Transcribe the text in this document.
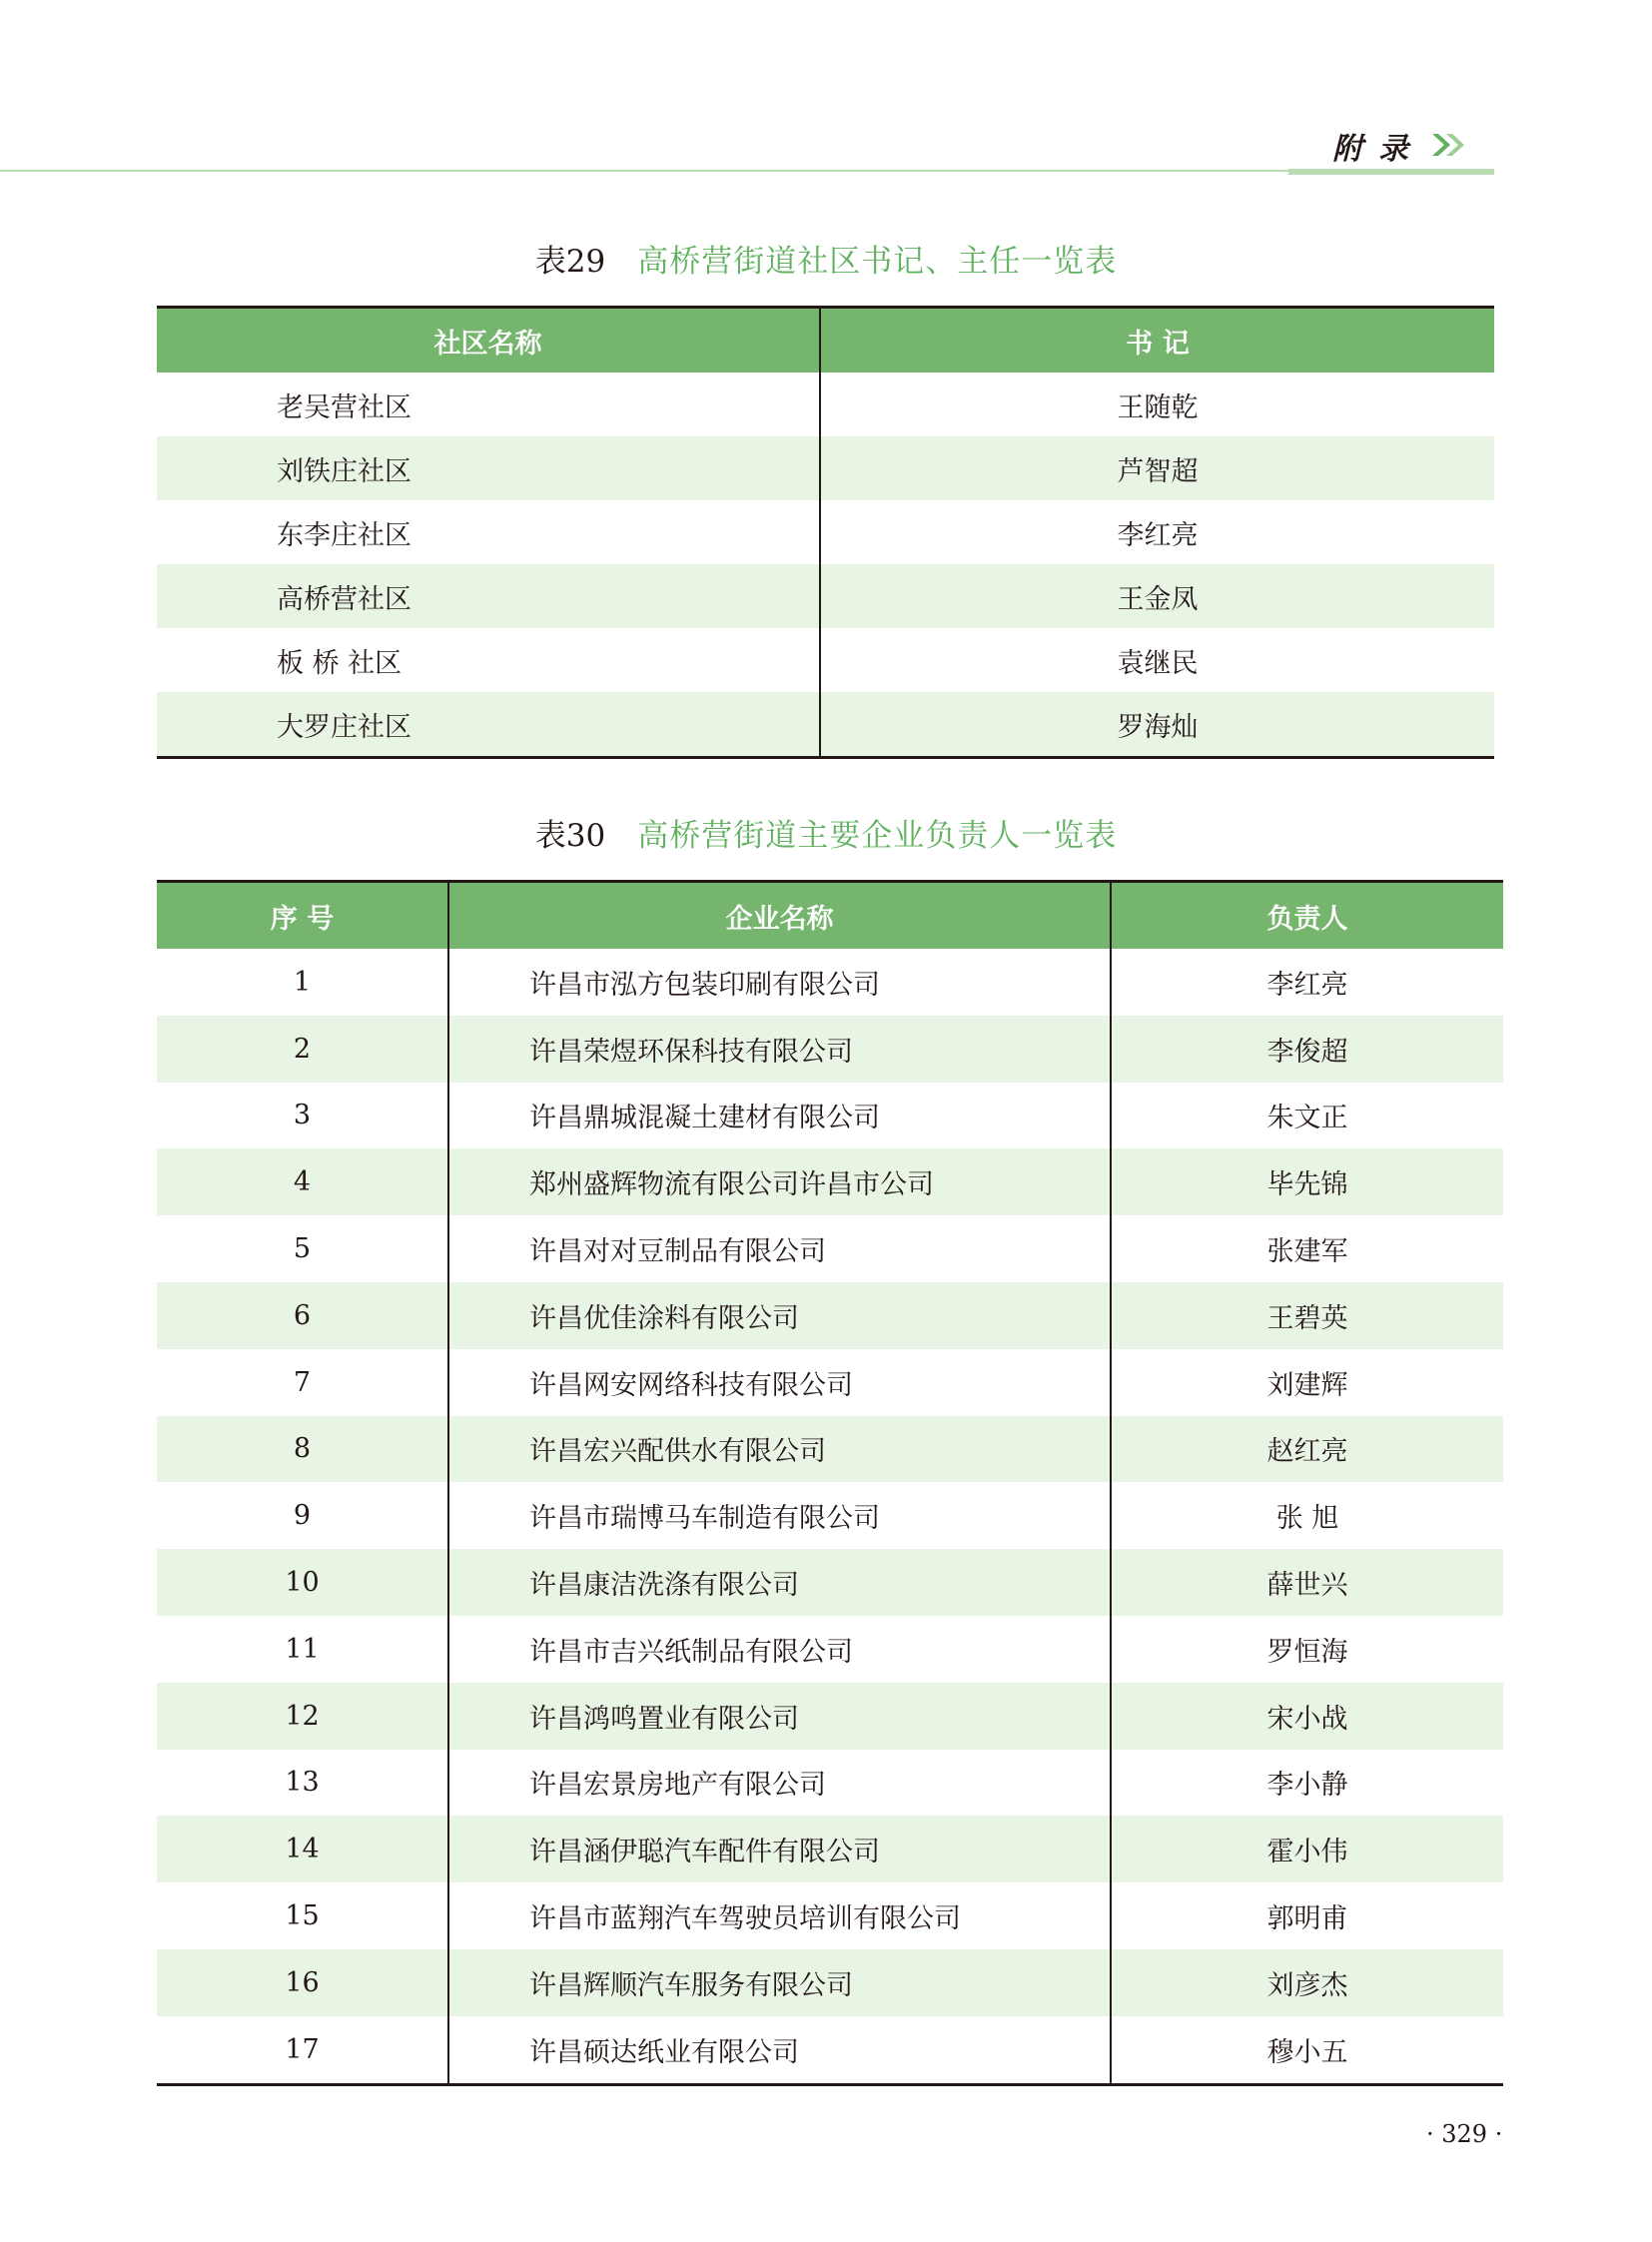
附录
表29 高桥营街道社区书记、主任一览表
社区名称	书 记
老吴营社区	王随乾
刘铁庄社区	芦智超
东李庄社区	李红亮
高桥营社区	王金凤
板 桥 社区	袁继民
大罗庄社区	罗海灿
表30 高桥营街道主要企业负责人一览表
序 号	企业名称	负责人
1	许昌市泓方包装印刷有限公司	李红亮
2	许昌荣煜环保科技有限公司	李俊超
3	许昌鼎城混凝土建材有限公司	朱文正
4	郑州盛辉物流有限公司许昌市公司	毕先锦
5	许昌对对豆制品有限公司	张建军
6	许昌优佳涂料有限公司	王碧英
7	许昌网安网络科技有限公司	刘建辉
8	许昌宏兴配供水有限公司	赵红亮
9	许昌市瑞博马车制造有限公司	张 旭
10	许昌康洁洗涤有限公司	薛世兴
11	许昌市吉兴纸制品有限公司	罗恒海
12	许昌鸿鸣置业有限公司	宋小战
13	许昌宏景房地产有限公司	李小静
14	许昌涵伊聪汽车配件有限公司	霍小伟
15	许昌市蓝翔汽车驾驶员培训有限公司	郭明甫
16	许昌辉顺汽车服务有限公司	刘彦杰
17	许昌硕达纸业有限公司	穆小五
· 329 ·
